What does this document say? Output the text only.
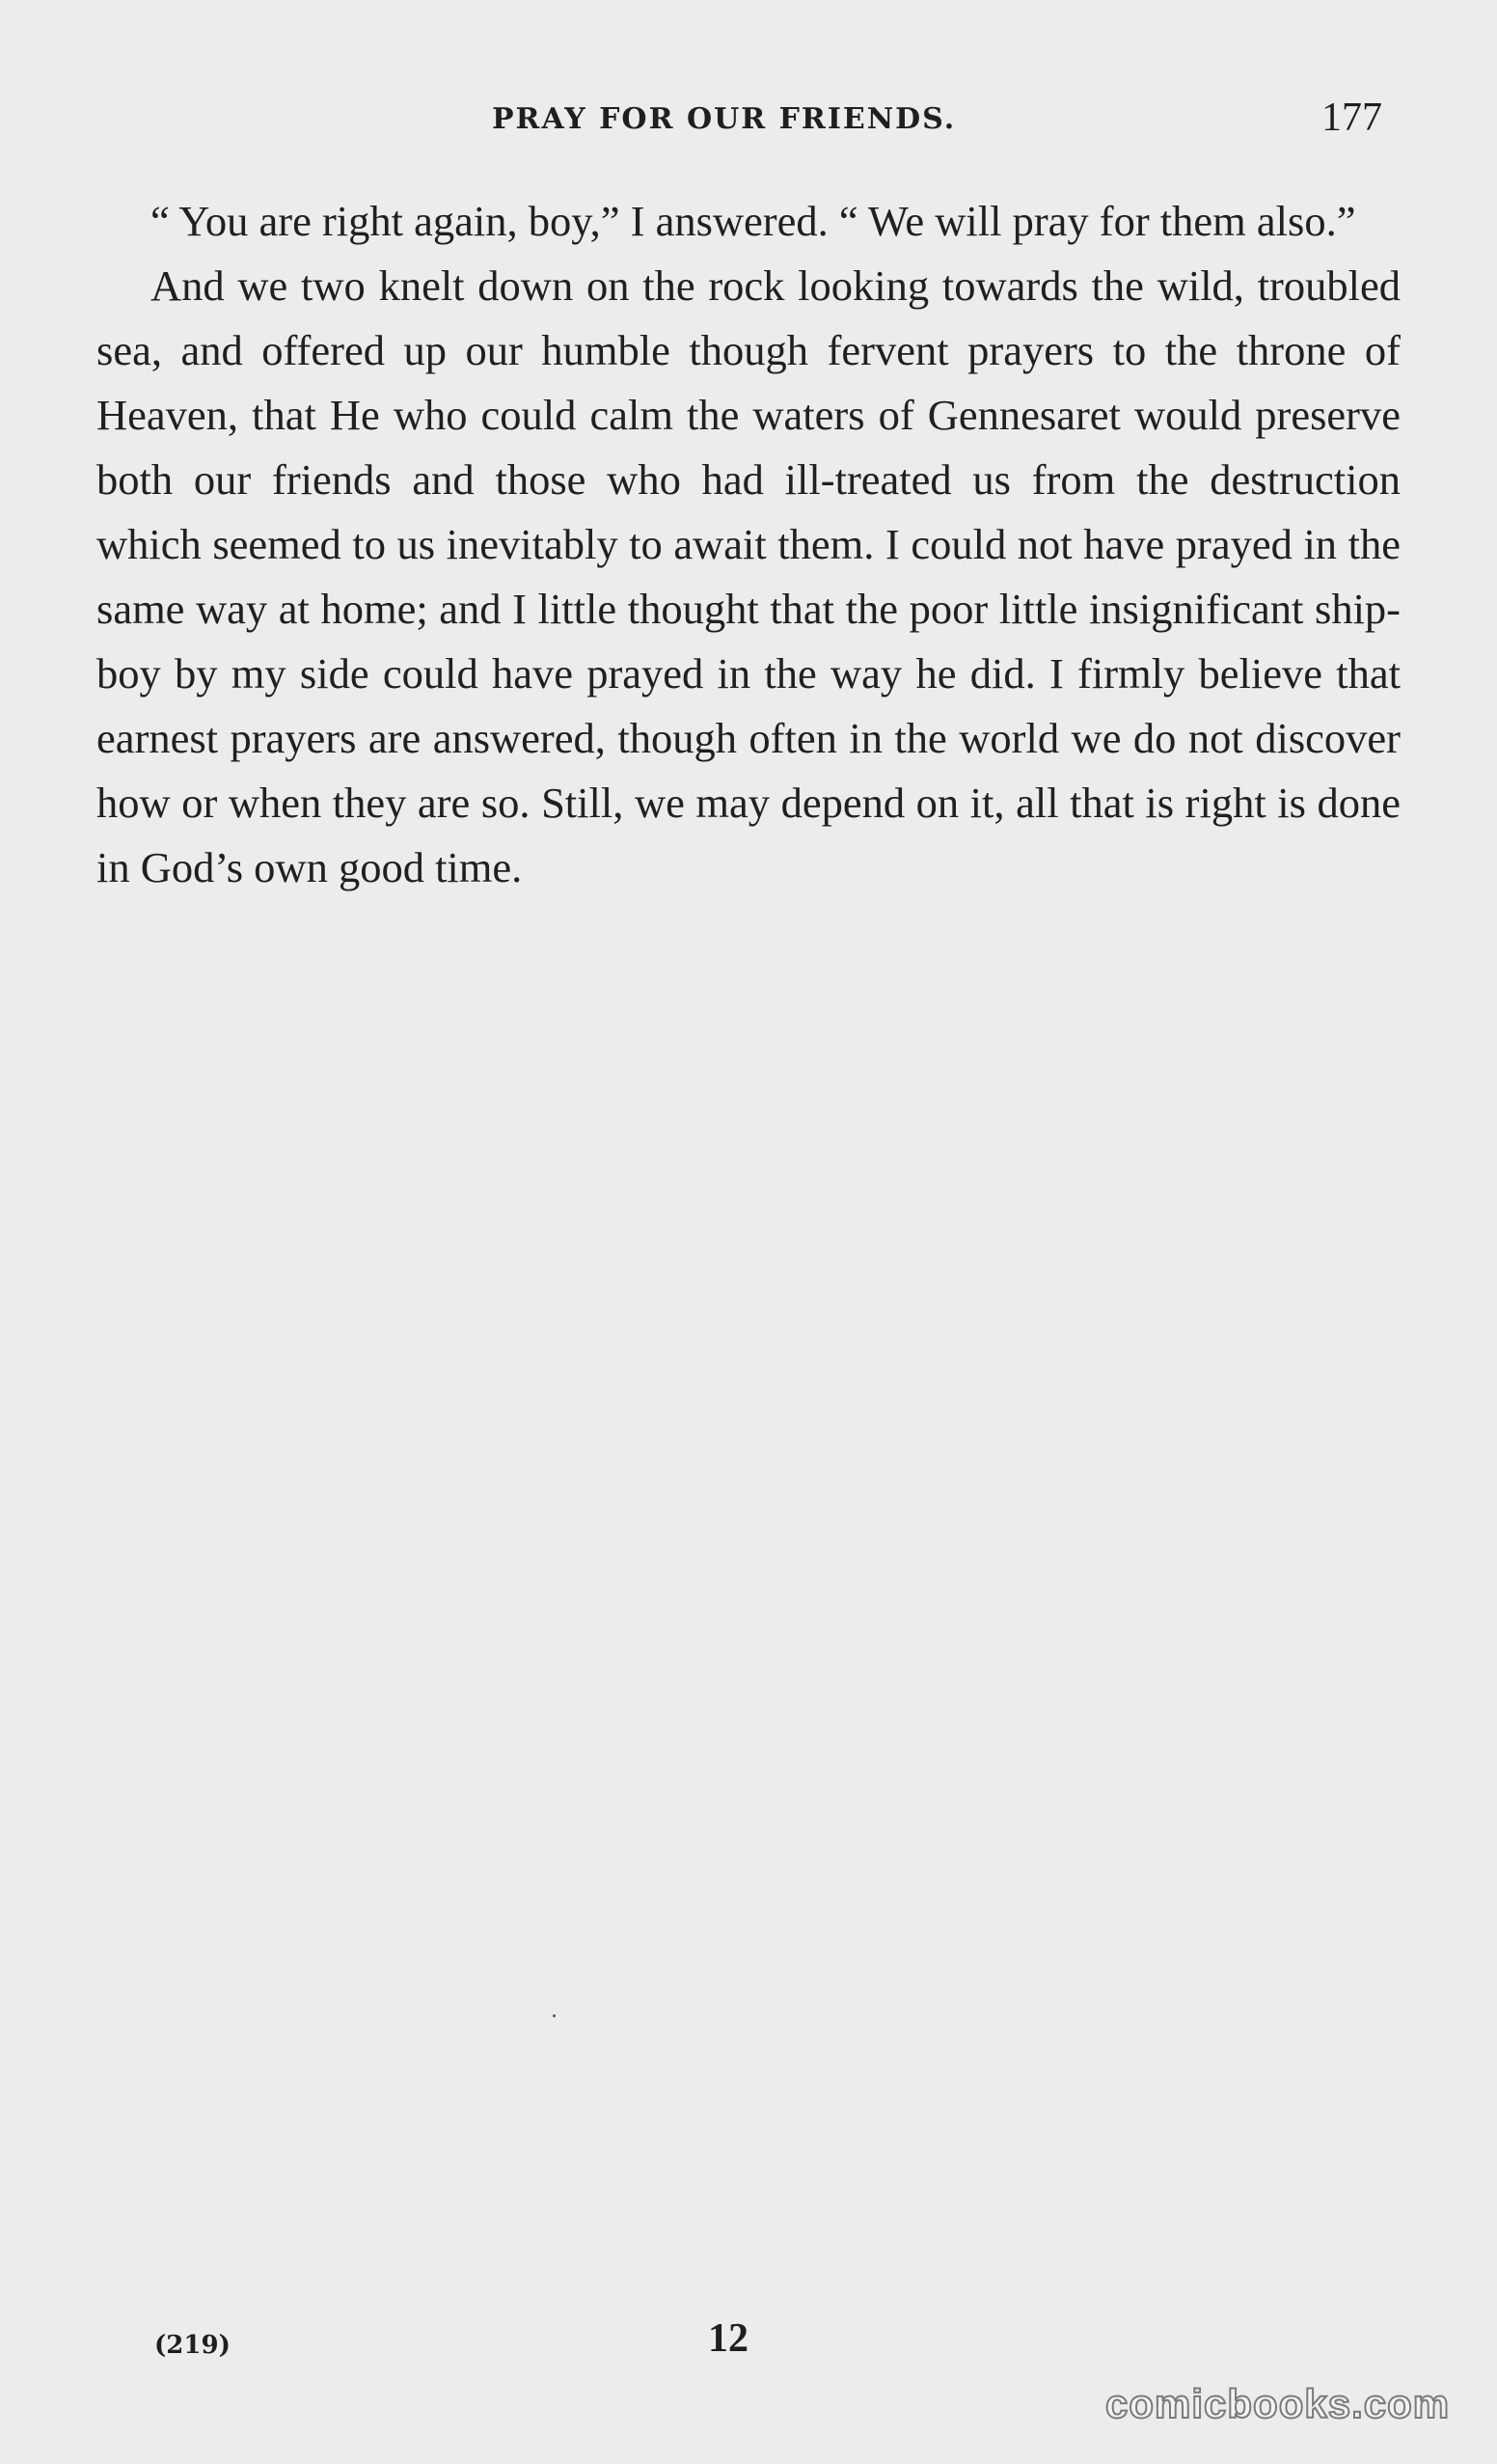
PRAY FOR OUR FRIENDS.	177

“ You are right again, boy,” I answered. “ We will pray for them also.”

And we two knelt down on the rock looking towards the wild, troubled sea, and offered up our humble though fervent prayers to the throne of Heaven, that He who could calm the waters of Gennesaret would preserve both our friends and those who had ill-treated us from the destruction which seemed to us inevitably to await them. I could not have prayed in the same way at home; and I little thought that the poor little insignificant ship-boy by my side could have prayed in the way he did. I firmly believe that earnest prayers are answered, though often in the world we do not discover how or when they are so. Still, we may depend on it, all that is right is done in God’s own good time.

(219)	12
comicbooks.com
